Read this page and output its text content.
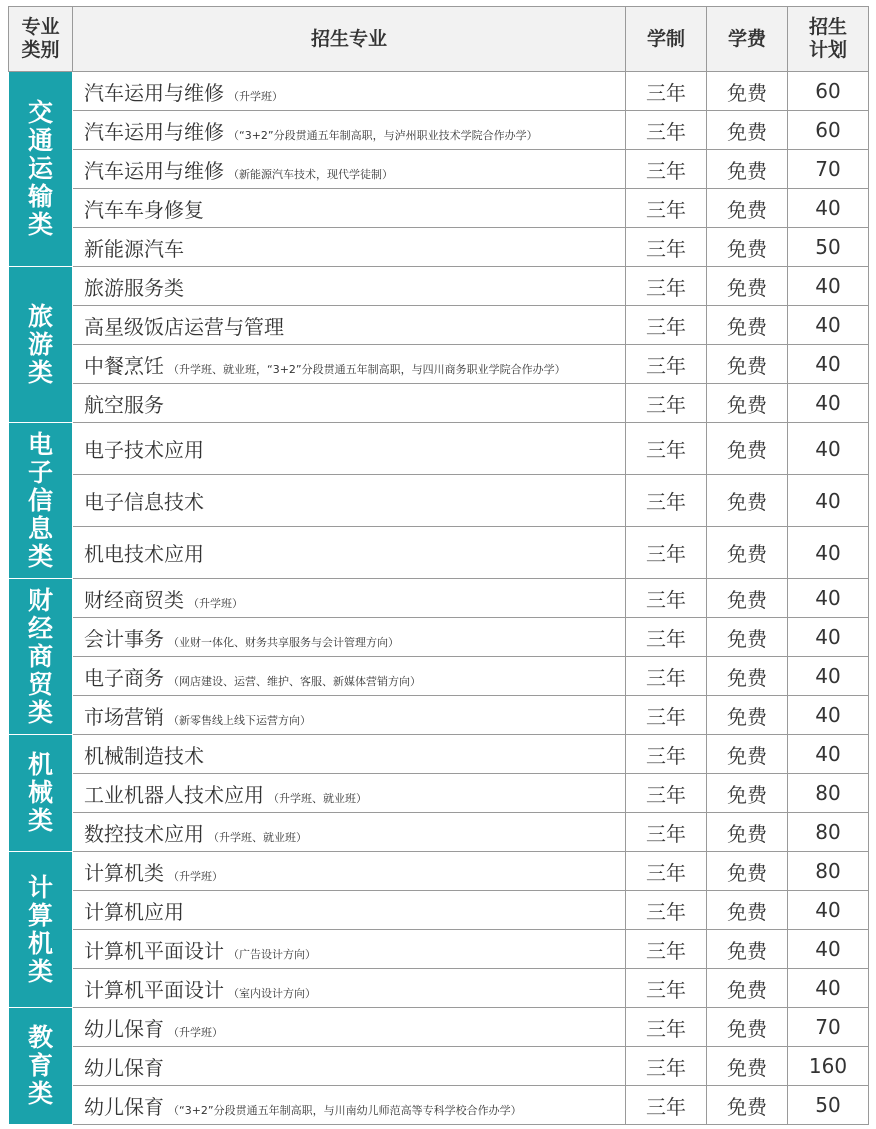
专业类别	招生专业	学制	学费	招生计划
交通运输类	汽车运用与维修 （升学班）	三年	免费	60
	汽车运用与维修 （“3+2”分段贯通五年制高职，与泸州职业技术学院合作办学）	三年	免费	60
	汽车运用与维修 （新能源汽车技术，现代学徒制）	三年	免费	70
	汽车车身修复	三年	免费	40
	新能源汽车	三年	免费	50
旅游类	旅游服务类	三年	免费	40
	高星级饭店运营与管理	三年	免费	40
	中餐烹饪 （升学班、就业班，“3+2”分段贯通五年制高职，与四川商务职业学院合作办学）	三年	免费	40
	航空服务	三年	免费	40
电子信息类	电子技术应用	三年	免费	40
	电子信息技术	三年	免费	40
	机电技术应用	三年	免费	40
财经商贸类	财经商贸类 （升学班）	三年	免费	40
	会计事务 （业财一体化、财务共享服务与会计管理方向）	三年	免费	40
	电子商务 （网店建设、运营、维护、客服、新媒体营销方向）	三年	免费	40
	市场营销 （新零售线上线下运营方向）	三年	免费	40
机械类	机械制造技术	三年	免费	40
	工业机器人技术应用 （升学班、就业班）	三年	免费	80
	数控技术应用 （升学班、就业班）	三年	免费	80
计算机类	计算机类 （升学班）	三年	免费	80
	计算机应用	三年	免费	40
	计算机平面设计 （广告设计方向）	三年	免费	40
	计算机平面设计 （室内设计方向）	三年	免费	40
教育类	幼儿保育 （升学班）	三年	免费	70
	幼儿保育	三年	免费	160
	幼儿保育 （“3+2”分段贯通五年制高职，与川南幼儿师范高等专科学校合作办学）	三年	免费	50
